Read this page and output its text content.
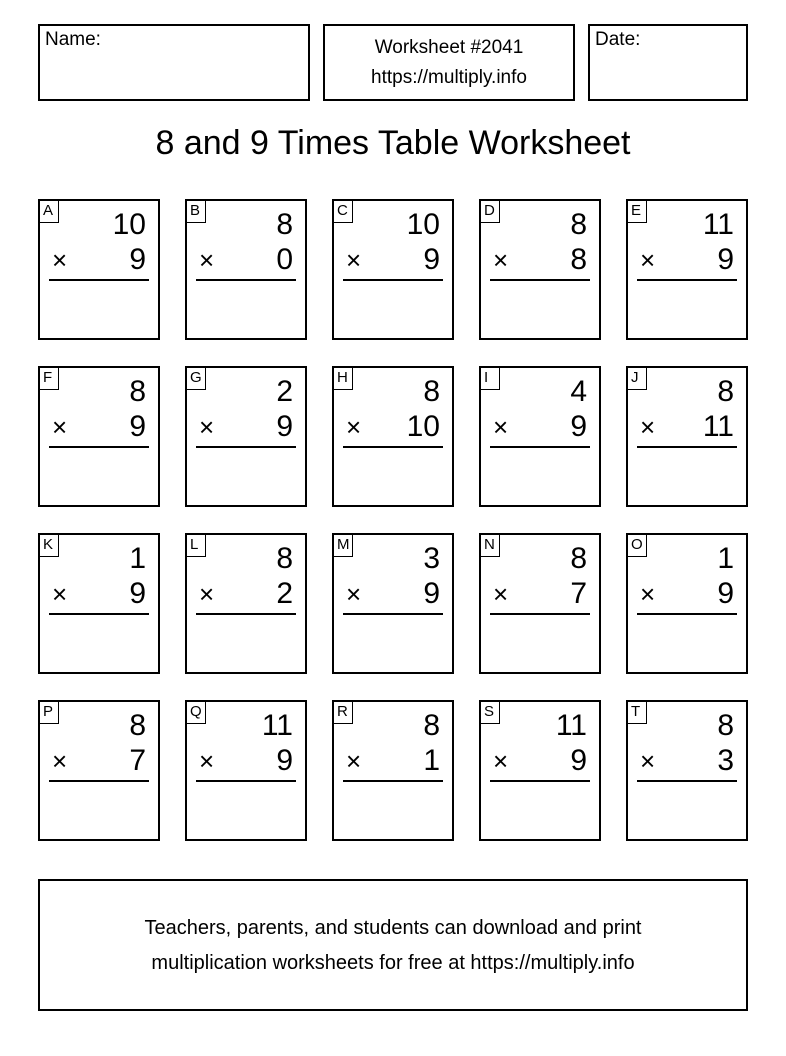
Name:	Worksheet #2041
https://multiply.info
Date:
8 and 9 Times Table Worksheet
A 10
× 9
B	8
× 0
C 10
× 9
D	8
× 8
E 11
× 9
F	8
× 9
G 2
× 9
H	8
× 10
I	4
× 9
J	8
× 11
K	1
× 9
L	8
× 2
M 3
× 9
N	8
× 7
O 1
× 9
P	8
× 7
Q 11
× 9
R	8
× 1
S 11
× 9
T	8
× 3
Teachers, parents, and students can download and print
multiplication worksheets for free at https://multiply.info
